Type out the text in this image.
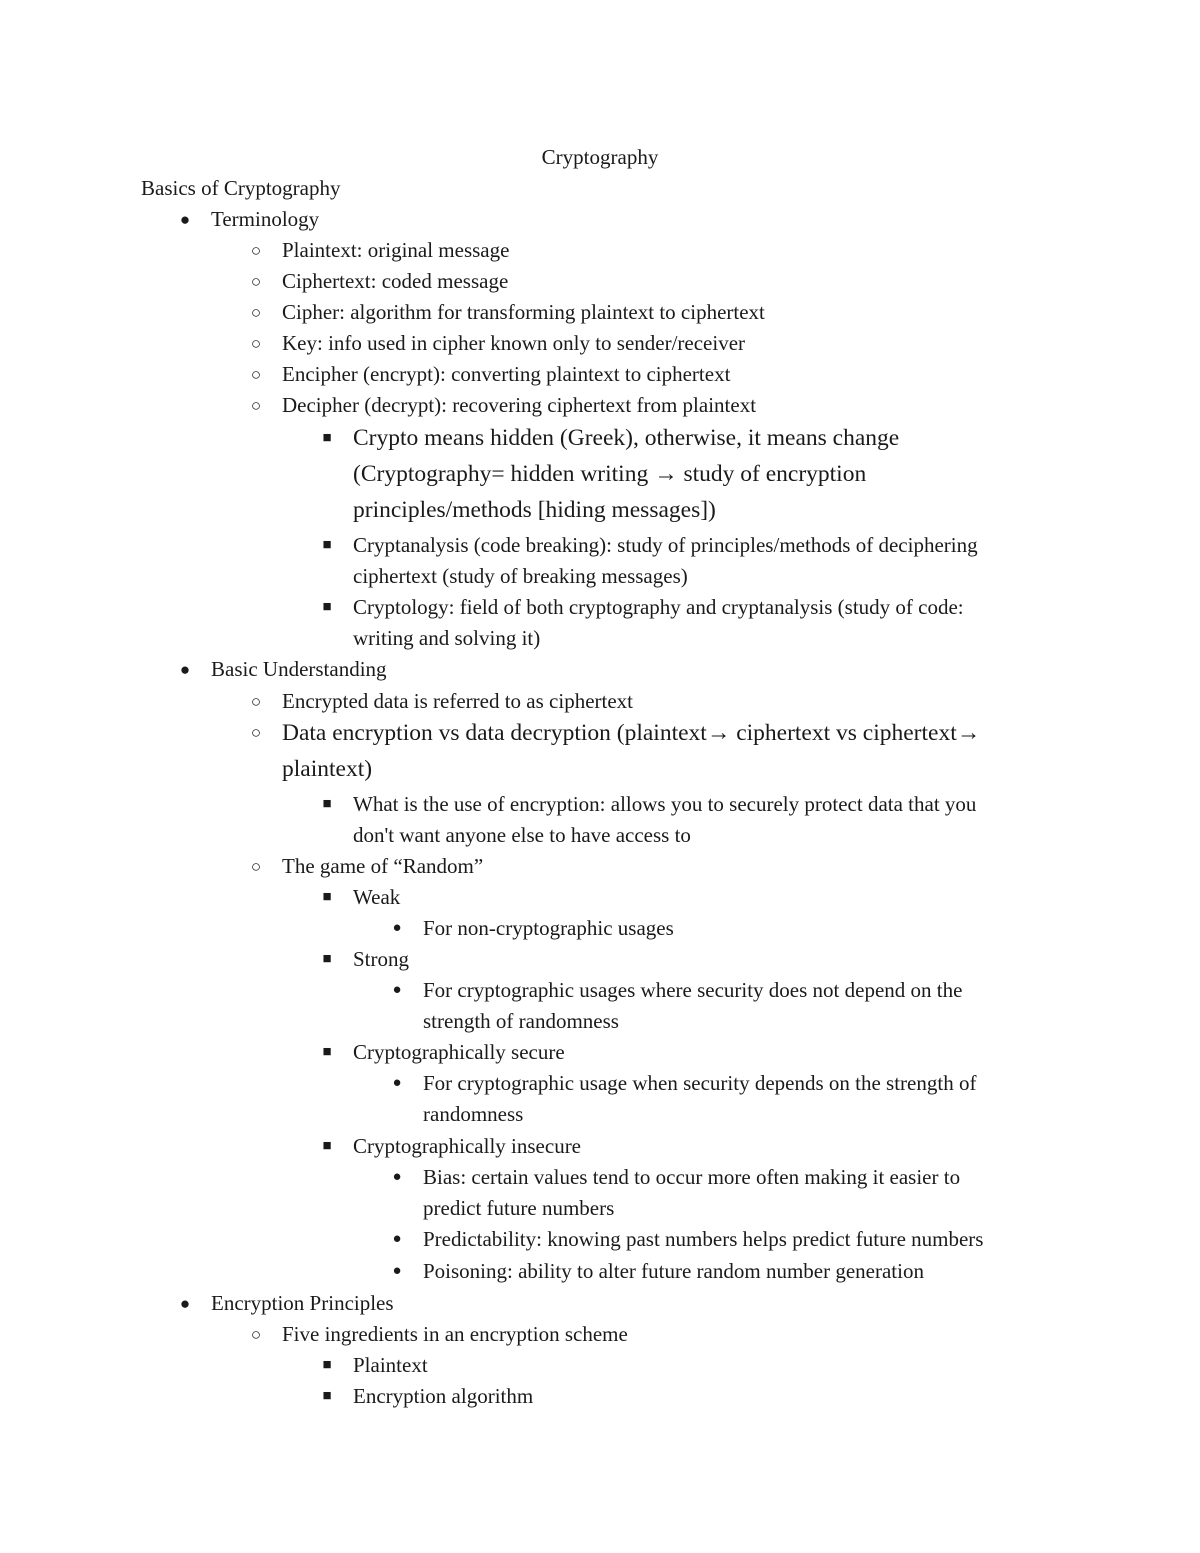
Cryptography
Basics of Cryptography
● Terminology
○ Plaintext: original message
○ Ciphertext: coded message
○ Cipher: algorithm for transforming plaintext to ciphertext
○ Key: info used in cipher known only to sender/receiver
○ Encipher (encrypt): converting plaintext to ciphertext
○ Decipher (decrypt): recovering ciphertext from plaintext
■ Crypto means hidden (Greek), otherwise, it means change
(Cryptography= hidden writing → study of encryption
principles/methods [hiding messages])
■ Cryptanalysis (code breaking): study of principles/methods of deciphering
ciphertext (study of breaking messages)
■ Cryptology: field of both cryptography and cryptanalysis (study of code:
writing and solving it)
● Basic Understanding
○ Encrypted data is referred to as ciphertext
○ Data encryption vs data decryption (plaintext→ ciphertext vs ciphertext→
plaintext)
■ What is the use of encryption: allows you to securely protect data that you
don't want anyone else to have access to
○ The game of “Random”
■ Weak
● For non-cryptographic usages
■ Strong
● For cryptographic usages where security does not depend on the
strength of randomness
■ Cryptographically secure
● For cryptographic usage when security depends on the strength of
randomness
■ Cryptographically insecure
● Bias: certain values tend to occur more often making it easier to
predict future numbers
● Predictability: knowing past numbers helps predict future numbers
● Poisoning: ability to alter future random number generation
● Encryption Principles
○ Five ingredients in an encryption scheme
■ Plaintext
■ Encryption algorithm
